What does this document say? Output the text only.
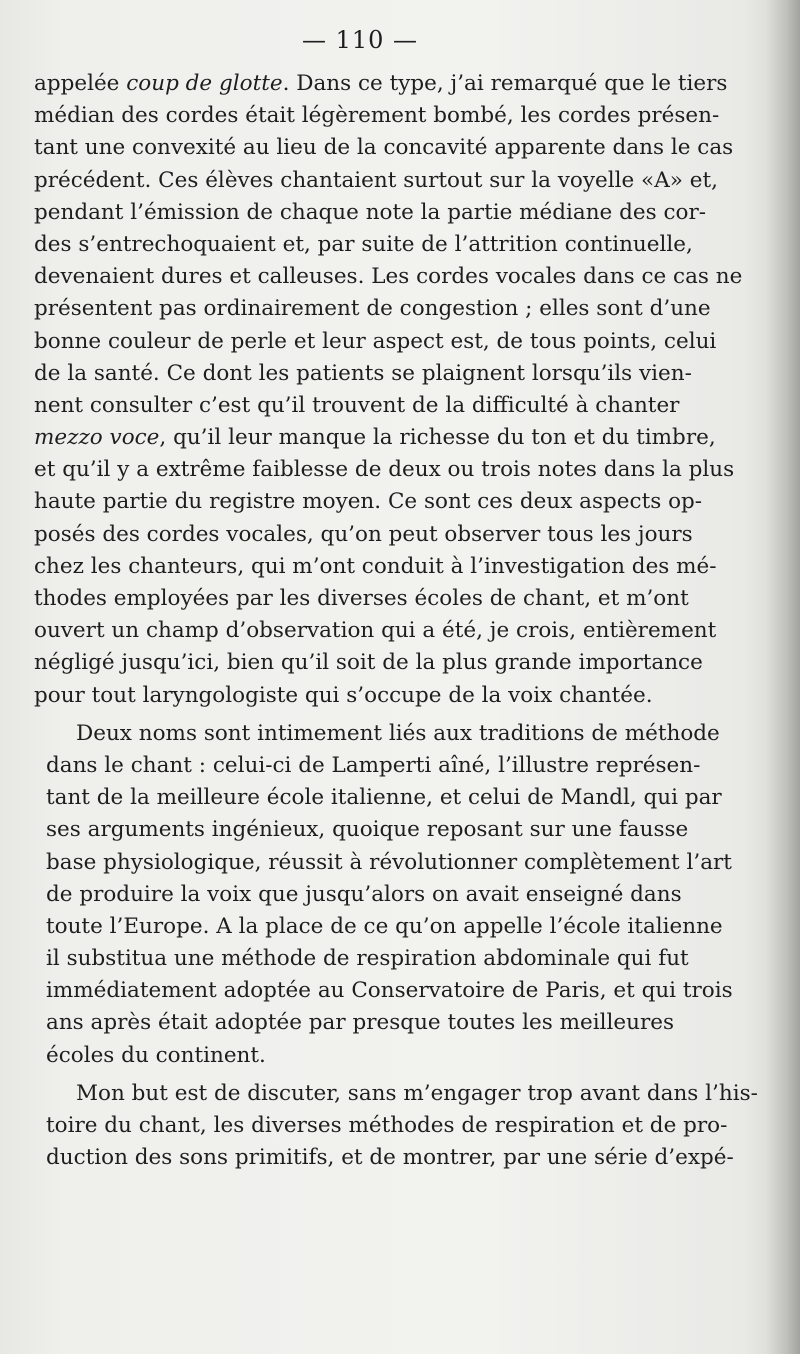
— 110 —
appelée coup de glotte. Dans ce type, j’ai remarqué que le tiers
médian des cordes était légèrement bombé, les cordes présen-
tant une convexité au lieu de la concavité apparente dans le cas
précédent. Ces élèves chantaient surtout sur la voyelle «A» et,
pendant l’émission de chaque note la partie médiane des cor-
des s’entrechoquaient et, par suite de l’attrition continuelle,
devenaient dures et calleuses. Les cordes vocales dans ce cas ne
présentent pas ordinairement de congestion ; elles sont d’une
bonne couleur de perle et leur aspect est, de tous points, celui
de la santé. Ce dont les patients se plaignent lorsqu’ils vien-
nent consulter c’est qu’il trouvent de la difficulté à chanter
mezzo voce, qu’il leur manque la richesse du ton et du timbre,
et qu’il y a extrême faiblesse de deux ou trois notes dans la plus
haute partie du registre moyen. Ce sont ces deux aspects op-
posés des cordes vocales, qu’on peut observer tous les jours
chez les chanteurs, qui m’ont conduit à l’investigation des mé-
thodes employées par les diverses écoles de chant, et m’ont
ouvert un champ d’observation qui a été, je crois, entièrement
négligé jusqu’ici, bien qu’il soit de la plus grande importance
pour tout laryngologiste qui s’occupe de la voix chantée.
Deux noms sont intimement liés aux traditions de méthode
dans le chant : celui-ci de Lamperti aîné, l’illustre représen-
tant de la meilleure école italienne, et celui de Mandl, qui par
ses arguments ingénieux, quoique reposant sur une fausse
base physiologique, réussit à révolutionner complètement l’art
de produire la voix que jusqu’alors on avait enseigné dans
toute l’Europe. A la place de ce qu’on appelle l’école italienne
il substitua une méthode de respiration abdominale qui fut
immédiatement adoptée au Conservatoire de Paris, et qui trois
ans après était adoptée par presque toutes les meilleures
écoles du continent.
Mon but est de discuter, sans m’engager trop avant dans l’his-
toire du chant, les diverses méthodes de respiration et de pro-
duction des sons primitifs, et de montrer, par une série d’expé-
